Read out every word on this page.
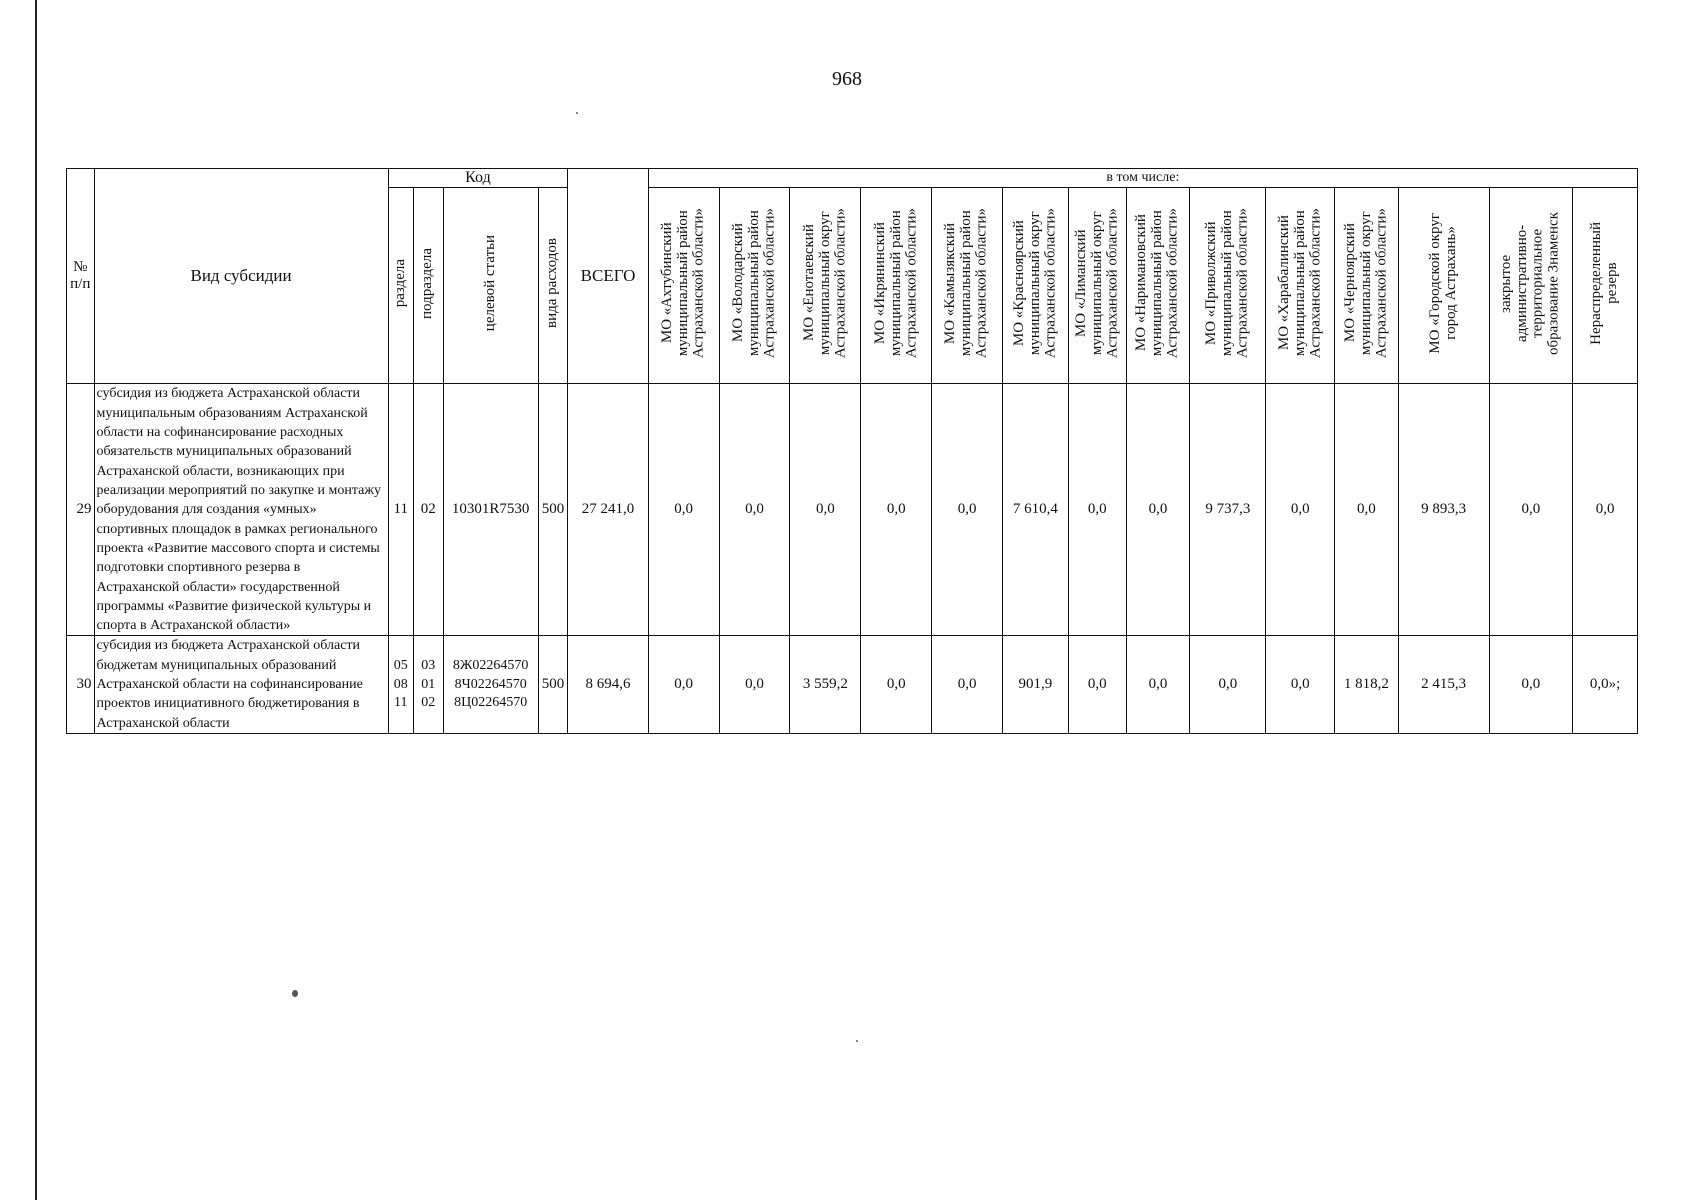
968
№
п/п	Вид субсидии	Код				ВСЕГО	в том числе:													
		раздела	подраздела	целевой статьи	вида расходов		МО «Ахтубинский
муниципальный район
Астраханской области»	МО «Володарский
муниципальный район
Астраханской области»	МО «Енотаевский
муниципальный округ
Астраханской области»	МО «Икрянинский
муниципальный район
Астраханской области»	МО «Камызякский
муниципальный район
Астраханской области»	МО «Красноярский
муниципальный округ
Астраханской области»	МО «Лиманский
муниципальный округ
Астраханской области»	МО «Наримановский
муниципальный район
Астраханской области»	МО «Приволжский
муниципальный район
Астраханской области»	МО «Харабалинский
муниципальный район
Астраханской области»	МО «Черноярский
муниципальный округ
Астраханской области»	МО «Городской округ
город Астрахань»	закрытое
административно-
территориальное
образование Знаменск	Нераспределенный
резерв
29	субсидия из бюджета Астраханской области муниципальным образованиям Астраханской области на софинансирование расходных обязательств муниципальных образований Астраханской области, возникающих при реализации мероприятий по закупке и монтажу оборудования для создания «умных» спортивных площадок в рамках регионального проекта «Развитие массового спорта и системы подготовки спортивного резерва в Астраханской области» государственной программы «Развитие физической культуры и спорта в Астраханской области»	11	02	10301R7530	500	27 241,0	0,0	0,0	0,0	0,0	0,0	7 610,4	0,0	0,0	9 737,3	0,0	0,0	9 893,3	0,0	0,0
30	субсидия из бюджета Астраханской области бюджетам муниципальных образований Астраханской области на софинансирование проектов инициативного бюджетирования в Астраханской области	05
08
11	03
01
02	8Ж02264570
8Ч02264570
8Ц02264570	500	8 694,6	0,0	0,0	3 559,2	0,0	0,0	901,9	0,0	0,0	0,0	0,0	1 818,2	2 415,3	0,0	0,0»;
